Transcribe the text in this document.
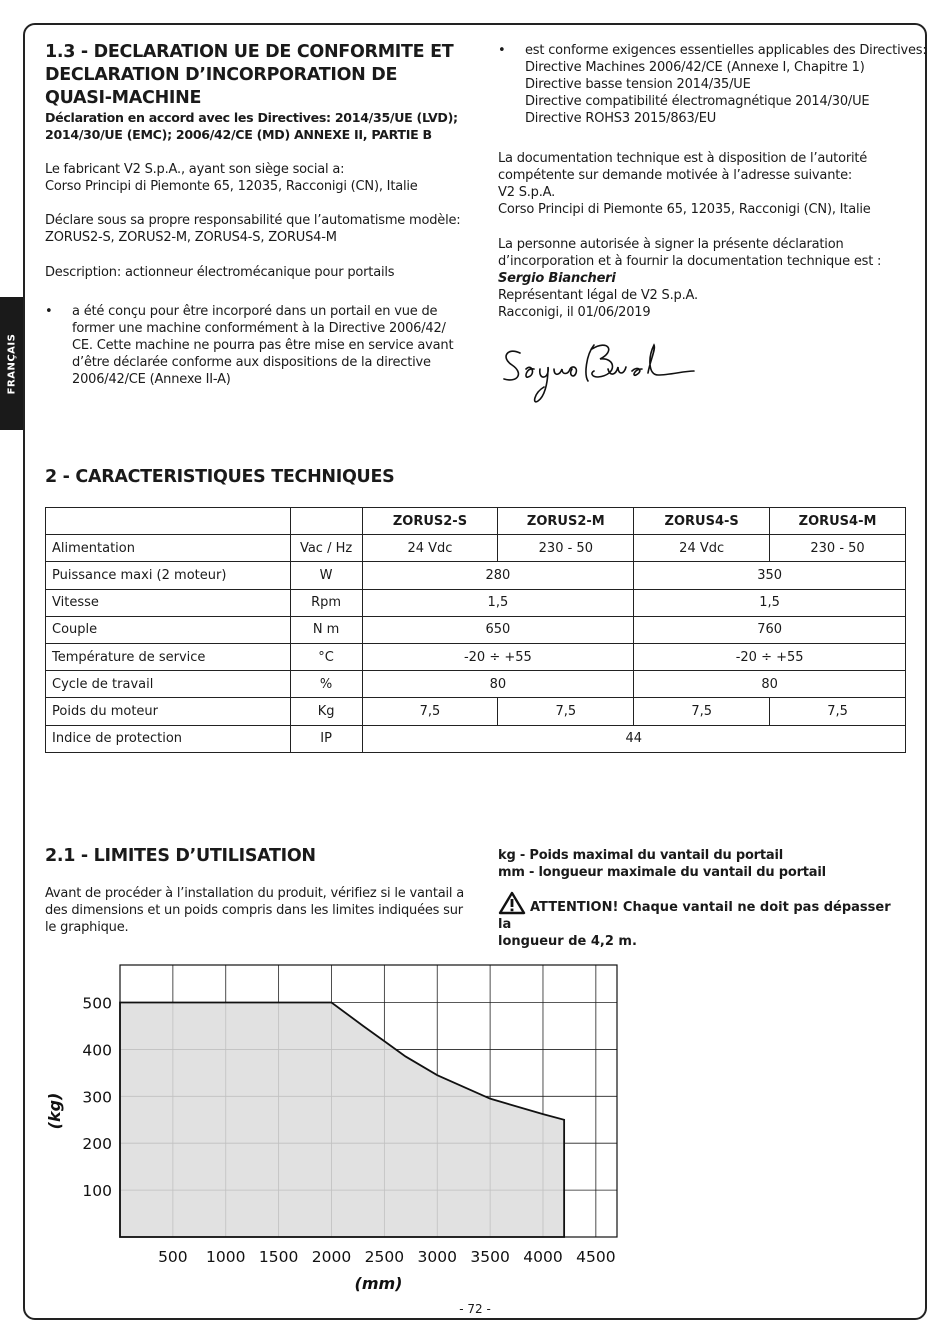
FRANÇAIS
1.3 - DECLARATION UE DE CONFORMITE ET
DECLARATION D’INCORPORATION DE
QUASI-MACHINE
Déclaration en accord avec les Directives: 2014/35/UE (LVD);
2014/30/UE (EMC); 2006/42/CE (MD) ANNEXE II, PARTIE B
Le fabricant V2 S.p.A., ayant son siège social a:
Corso Principi di Piemonte 65, 12035, Racconigi (CN), Italie
Déclare sous sa propre responsabilité que l’automatisme modèle:
ZORUS2-S, ZORUS2-M, ZORUS4-S, ZORUS4-M
Description: actionneur électromécanique pour portails
• a été conçu pour être incorporé dans un portail en vue de
former une machine conformément à la Directive 2006/42/
CE. Cette machine ne pourra pas être mise en service avant
d’être déclarée conforme aux dispositions de la directive
2006/42/CE (Annexe II-A)
• est conforme exigences essentielles applicables des Directives:
Directive Machines 2006/42/CE (Annexe I, Chapitre 1)
Directive basse tension 2014/35/UE
Directive compatibilité électromagnétique 2014/30/UE
Directive ROHS3 2015/863/EU
La documentation technique est à disposition de l’autorité
compétente sur demande motivée à l’adresse suivante:
V2 S.p.A.
Corso Principi di Piemonte 65, 12035, Racconigi (CN), Italie
La personne autorisée à signer la présente déclaration
d’incorporation et à fournir la documentation technique est :
Sergio Biancheri
Représentant légal de V2 S.p.A.
Racconigi, il 01/06/2019
2 - CARACTERISTIQUES TECHNIQUES
		ZORUS2-S	ZORUS2-M	ZORUS4-S	ZORUS4-M
Alimentation	Vac / Hz	24 Vdc	230 - 50	24 Vdc	230 - 50
Puissance maxi (2 moteur)	W	280		350	
Vitesse	Rpm	1,5		1,5	
Couple	N m	650		760	
Température de service	°C	-20 ÷ +55		-20 ÷ +55	
Cycle de travail	%	80		80	
Poids du moteur	Kg	7,5	7,5	7,5	7,5
Indice de protection	IP	44			
2.1 - LIMITES D’UTILISATION
Avant de procéder à l’installation du produit, vérifiez si le vantail a
des dimensions et un poids compris dans les limites indiquées sur
le graphique.
kg - Poids maximal du vantail du portail
mm - longueur maximale du vantail du portail
ATTENTION! Chaque vantail ne doit pas dépasser la
longueur de 4,2 m.
500 1000 1500 2000 2500 3000 3500 4000 4500
100
200
300
400
500
(mm)
(kg)
- 72 -
